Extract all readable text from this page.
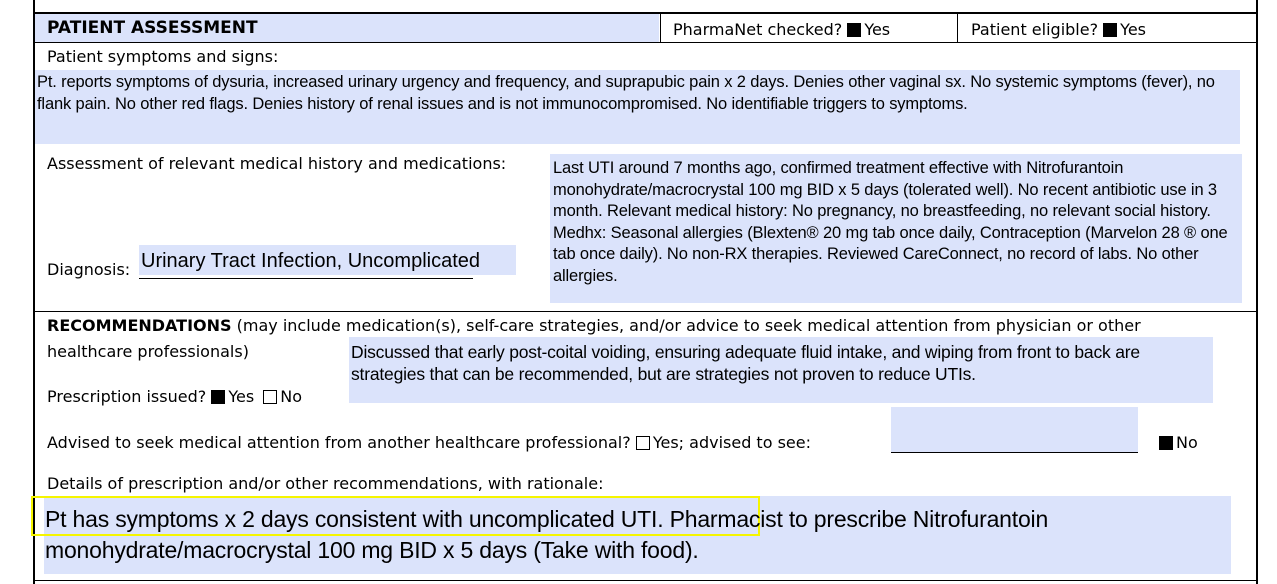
PATIENT ASSESSMENT	PharmaNet checked? Yes	Patient eligible? Yes
Patient symptoms and signs:
Pt. reports symptoms of dysuria, increased urinary urgency and frequency, and suprapubic pain x 2 days. Denies other vaginal sx. No systemic symptoms (fever), no flank pain. No other red flags. Denies history of renal issues and is not immunocompromised. No identifiable triggers to symptoms.
Assessment of relevant medical history and medications:	Last UTI around 7 months ago, confirmed treatment effective with Nitrofurantoin monohydrate/macrocrystal 100 mg BID x 5 days (tolerated well). No recent antibiotic use in 3 month. Relevant medical history: No pregnancy, no breastfeeding, no relevant social history. Medhx: Seasonal allergies (Blexten® 20 mg tab once daily, Contraception (Marvelon 28 ® one tab once daily). No non-RX therapies. Reviewed CareConnect, no record of labs. No other allergies.
Diagnosis: Urinary Tract Infection, Uncomplicated
RECOMMENDATIONS (may include medication(s), self-care strategies, and/or advice to seek medical attention from physician or other
healthcare professionals)	Discussed that early post-coital voiding, ensuring adequate fluid intake, and wiping from front to back are strategies that can be recommended, but are strategies not proven to reduce UTIs.
Prescription issued? Yes No
Advised to seek medical attention from another healthcare professional? Yes; advised to see:	No
Details of prescription and/or other recommendations, with rationale:
Pt has symptoms x 2 days consistent with uncomplicated UTI. Pharmacist to prescribe Nitrofurantoin monohydrate/macrocrystal 100 mg BID x 5 days (Take with food).
